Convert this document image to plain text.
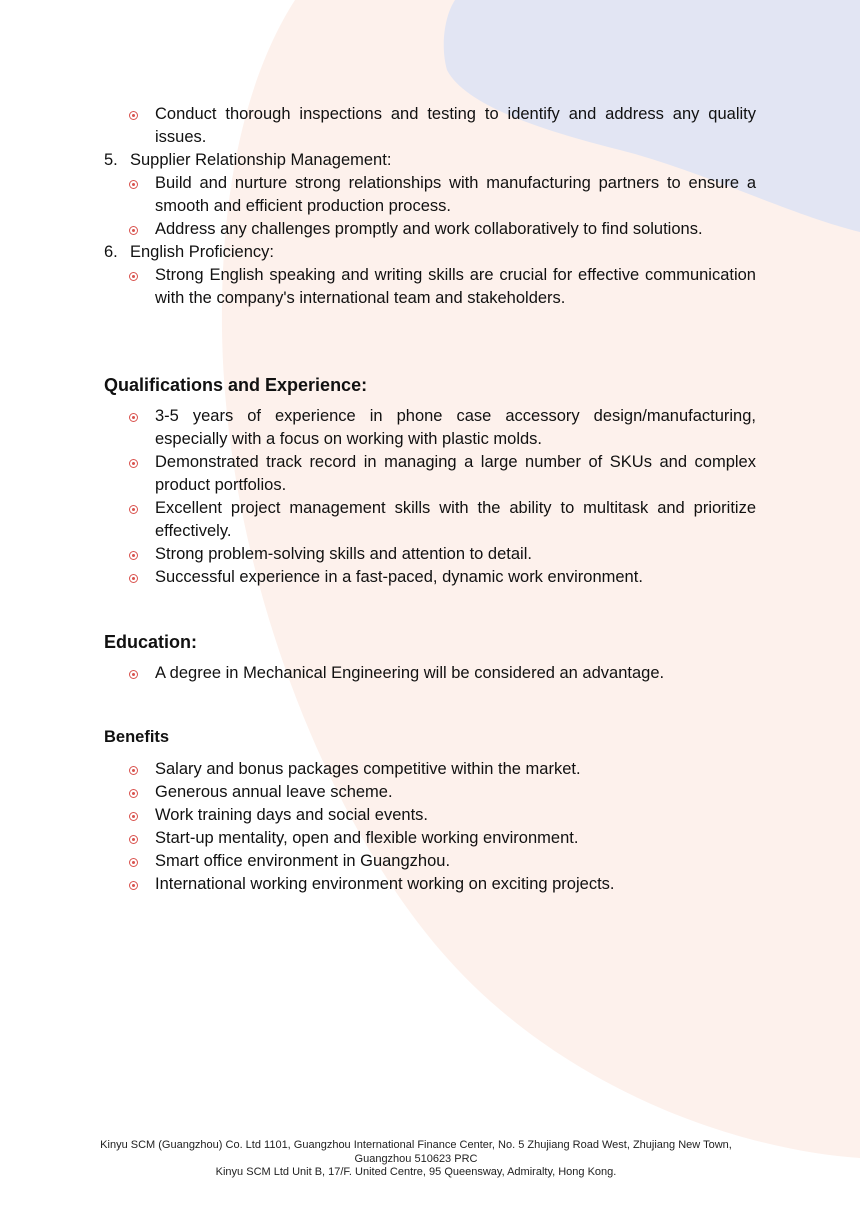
Conduct thorough inspections and testing to identify and address any quality issues.
5. Supplier Relationship Management:
Build and nurture strong relationships with manufacturing partners to ensure a smooth and efficient production process.
Address any challenges promptly and work collaboratively to find solutions.
6. English Proficiency:
Strong English speaking and writing skills are crucial for effective communication with the company's international team and stakeholders.
Qualifications and Experience:
3-5 years of experience in phone case accessory design/manufacturing, especially with a focus on working with plastic molds.
Demonstrated track record in managing a large number of SKUs and complex product portfolios.
Excellent project management skills with the ability to multitask and prioritize effectively.
Strong problem-solving skills and attention to detail.
Successful experience in a fast-paced, dynamic work environment.
Education:
A degree in Mechanical Engineering will be considered an advantage.
Benefits
Salary and bonus packages competitive within the market.
Generous annual leave scheme.
Work training days and social events.
Start-up mentality, open and flexible working environment.
Smart office environment in Guangzhou.
International working environment working on exciting projects.
Kinyu SCM (Guangzhou) Co. Ltd 1101, Guangzhou International Finance Center, No. 5 Zhujiang Road West, Zhujiang New Town, Guangzhou 510623 PRC
Kinyu SCM Ltd Unit B, 17/F. United Centre, 95 Queensway, Admiralty, Hong Kong.
